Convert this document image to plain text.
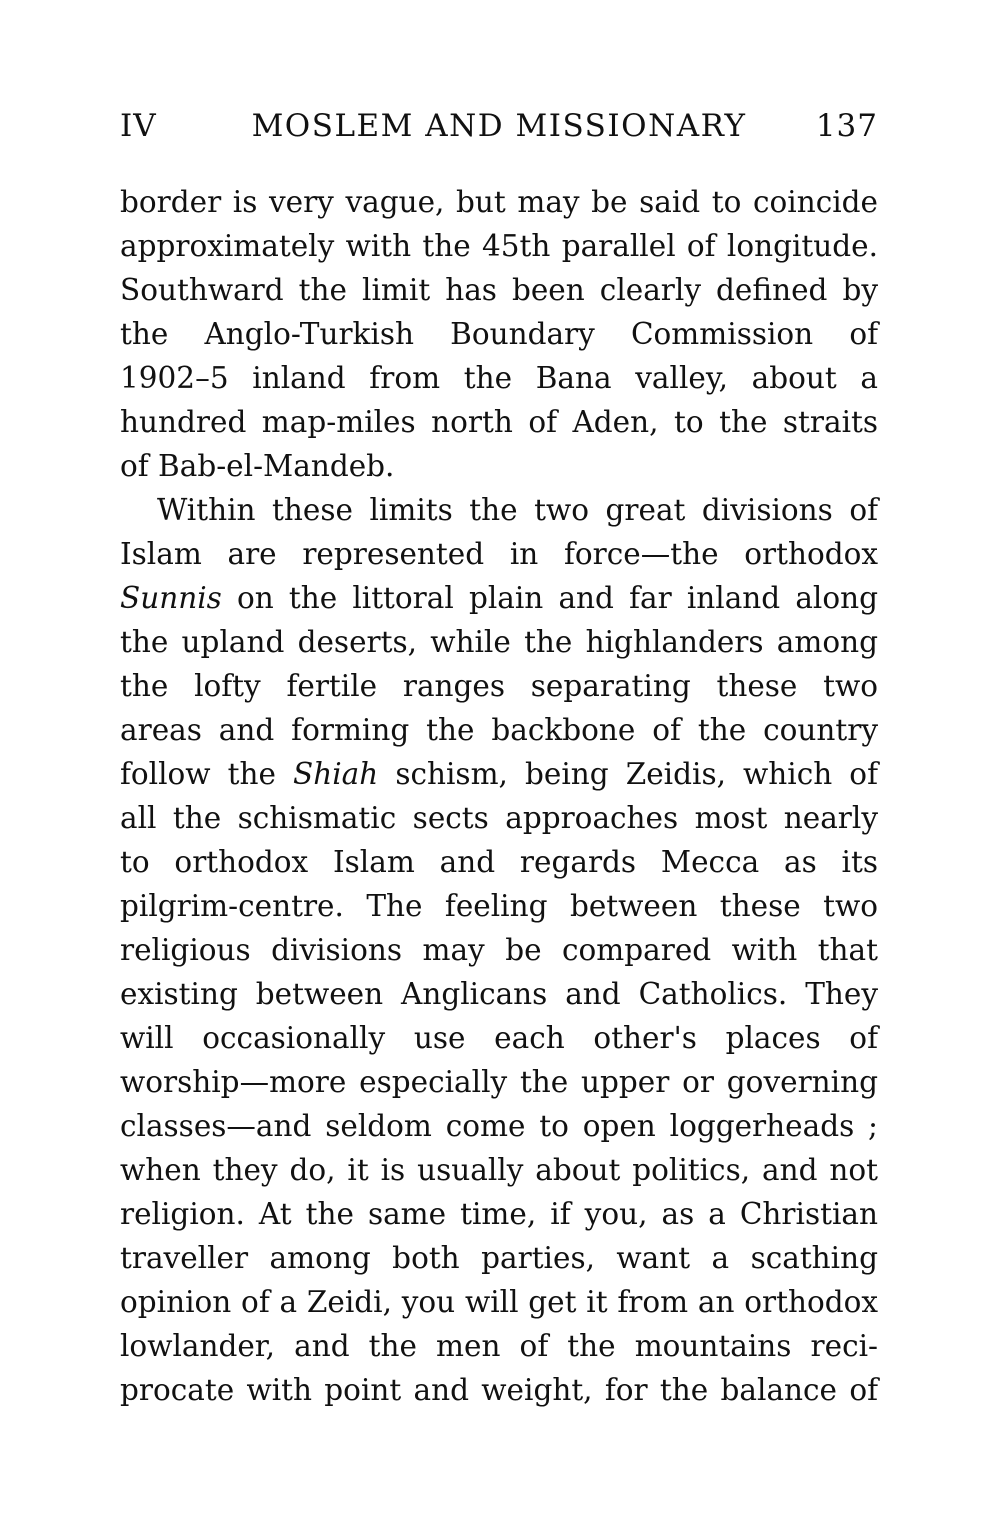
IV	MOSLEM AND MISSIONARY	137
border is very vague, but may be said to coincide
approximately with the 45th parallel of longitude.
Southward the limit has been clearly defined by
the Anglo-Turkish Boundary Commission of
1902–5 inland from the Bana valley, about a
hundred map-miles north of Aden, to the straits
of Bab-el-Mandeb.
Within these limits the two great divisions of
Islam are represented in force—the orthodox
Sunnis on the littoral plain and far inland along
the upland deserts, while the highlanders among
the lofty fertile ranges separating these two
areas and forming the backbone of the country
follow the Shiah schism, being Zeidis, which of
all the schismatic sects approaches most nearly
to orthodox Islam and regards Mecca as its
pilgrim-centre. The feeling between these two
religious divisions may be compared with that
existing between Anglicans and Catholics. They
will occasionally use each other's places of
worship—more especially the upper or governing
classes—and seldom come to open loggerheads ;
when they do, it is usually about politics, and not
religion. At the same time, if you, as a Christian
traveller among both parties, want a scathing
opinion of a Zeidi, you will get it from an orthodox
lowlander, and the men of the mountains reci-
procate with point and weight, for the balance of
